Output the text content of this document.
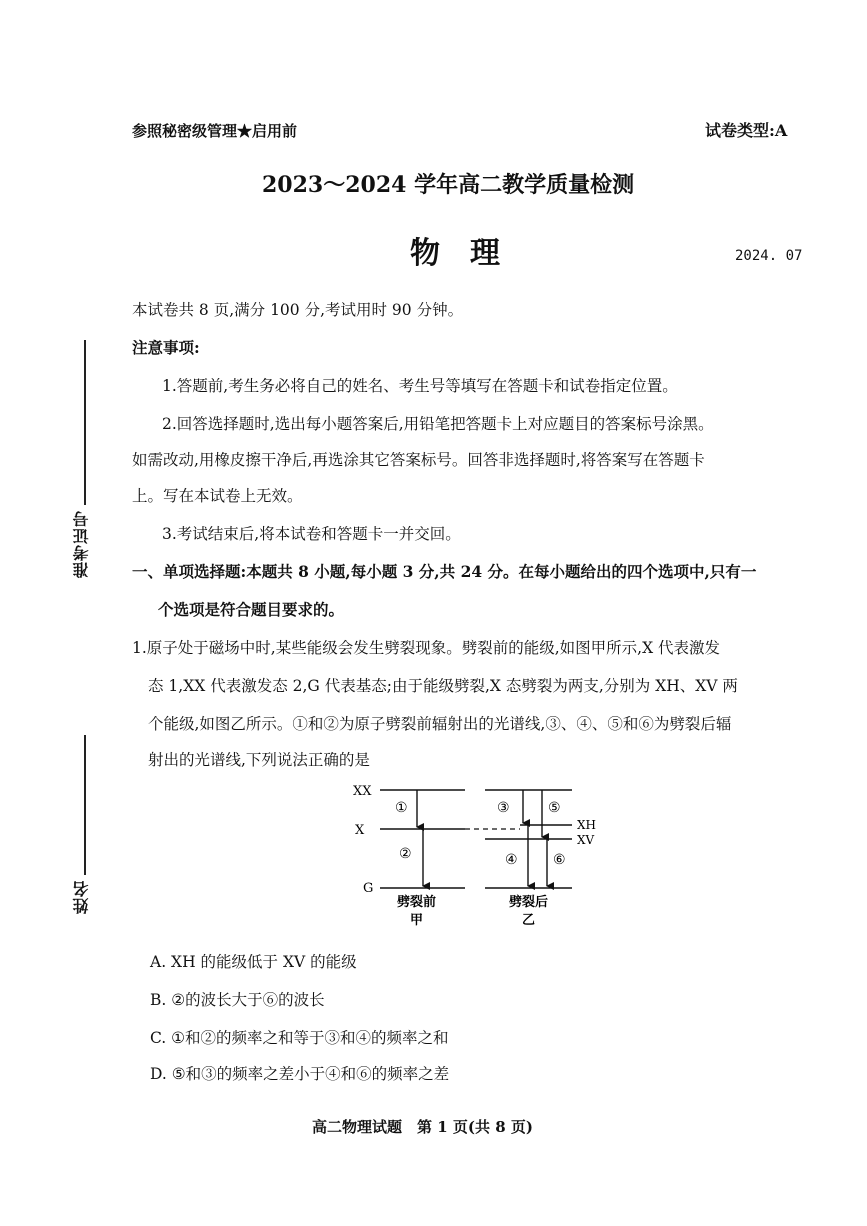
准考证号
姓名
参照秘密级管理★启用前	试卷类型:A
2023～2024 学年高二教学质量检测
物　理	2024. 07
本试卷共 8 页,满分 100 分,考试用时 90 分钟。
注意事项:
1.答题前,考生务必将自己的姓名、考生号等填写在答题卡和试卷指定位置。
2.回答选择题时,选出每小题答案后,用铅笔把答题卡上对应题目的答案标号涂黑。
如需改动,用橡皮擦干净后,再选涂其它答案标号。回答非选择题时,将答案写在答题卡
上。写在本试卷上无效。
3.考试结束后,将本试卷和答题卡一并交回。
一、单项选择题:本题共 8 小题,每小题 3 分,共 24 分。在每小题给出的四个选项中,只有一
个选项是符合题目要求的。
1.原子处于磁场中时,某些能级会发生劈裂现象。劈裂前的能级,如图甲所示,X 代表激发
态 1,XX 代表激发态 2,G 代表基态;由于能级劈裂,X 态劈裂为两支,分别为 XH、XV 两
个能级,如图乙所示。①和②为原子劈裂前辐射出的光谱线,③、④、⑤和⑥为劈裂后辐
射出的光谱线,下列说法正确的是
XX
X
G
XH
XV
①
②
③
④
⑤
⑥
劈裂前
甲
劈裂后
乙
A. XH 的能级低于 XV 的能级
B. ②的波长大于⑥的波长
C. ①和②的频率之和等于③和④的频率之和
D. ⑤和③的频率之差小于④和⑥的频率之差
高二物理试题　第 1 页(共 8 页)
